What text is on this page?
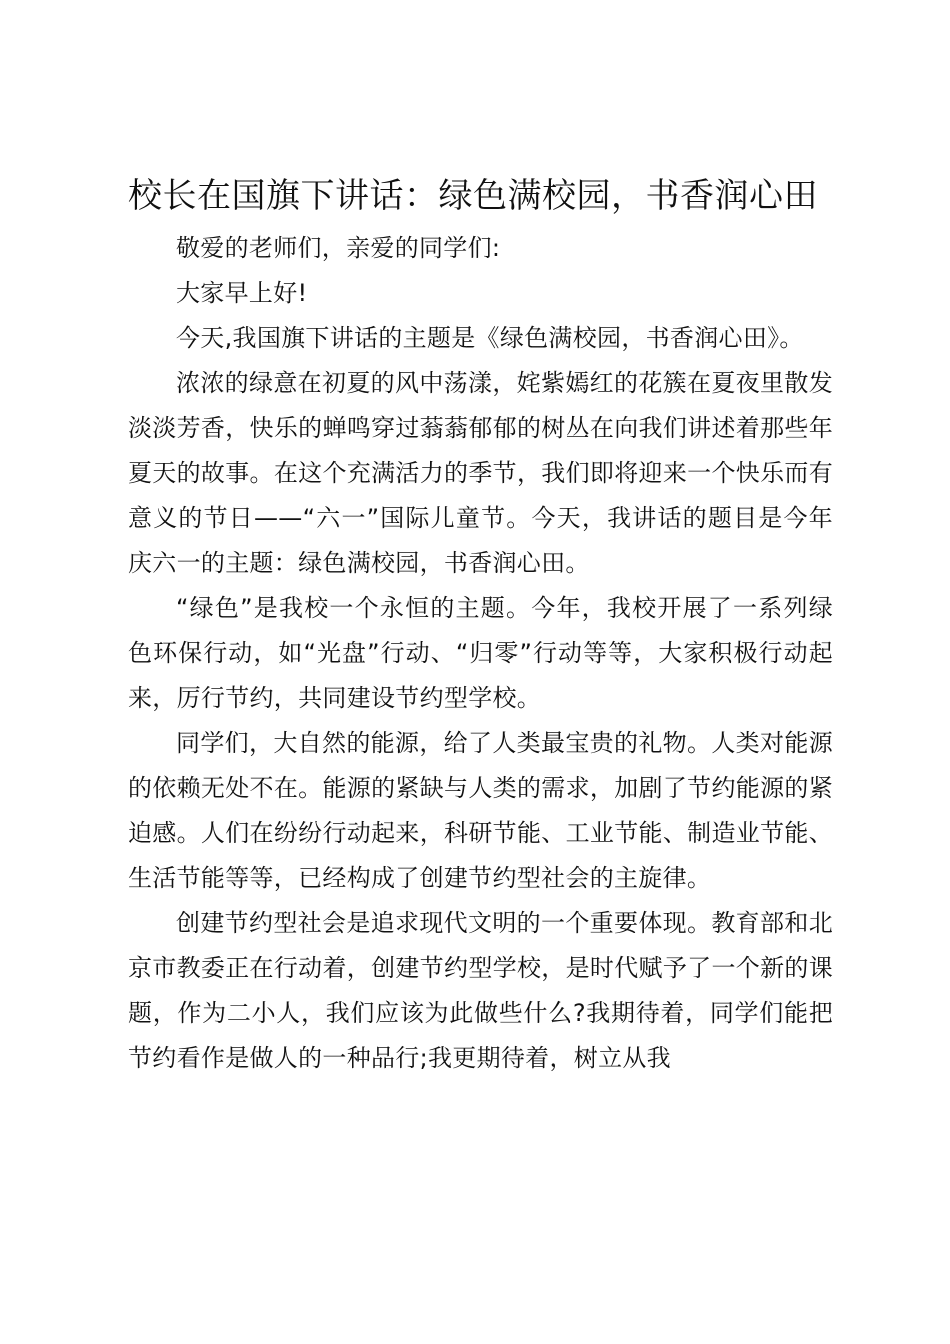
校长在国旗下讲话：绿色满校园，书香润心田

敬爱的老师们，亲爱的同学们:

大家早上好!

今天,我国旗下讲话的主题是《绿色满校园，书香润心田》。

浓浓的绿意在初夏的风中荡漾，姹紫嫣红的花簇在夏夜里散发淡淡芳香，快乐的蝉鸣穿过蓊蓊郁郁的树丛在向我们讲述着那些年夏天的故事。在这个充满活力的季节，我们即将迎来一个快乐而有意义的节日——“六一”国际儿童节。今天，我讲话的题目是今年庆六一的主题：绿色满校园，书香润心田。

“绿色”是我校一个永恒的主题。今年，我校开展了一系列绿色环保行动，如“光盘”行动、“归零”行动等等，大家积极行动起来，厉行节约，共同建设节约型学校。

同学们，大自然的能源，给了人类最宝贵的礼物。人类对能源的依赖无处不在。能源的紧缺与人类的需求，加剧了节约能源的紧迫感。人们在纷纷行动起来，科研节能、工业节能、制造业节能、生活节能等等，已经构成了创建节约型社会的主旋律。

创建节约型社会是追求现代文明的一个重要体现。教育部和北京市教委正在行动着，创建节约型学校，是时代赋予了一个新的课题，作为二小人，我们应该为此做些什么?我期待着，同学们能把节约看作是做人的一种品行;我更期待着，树立从我
